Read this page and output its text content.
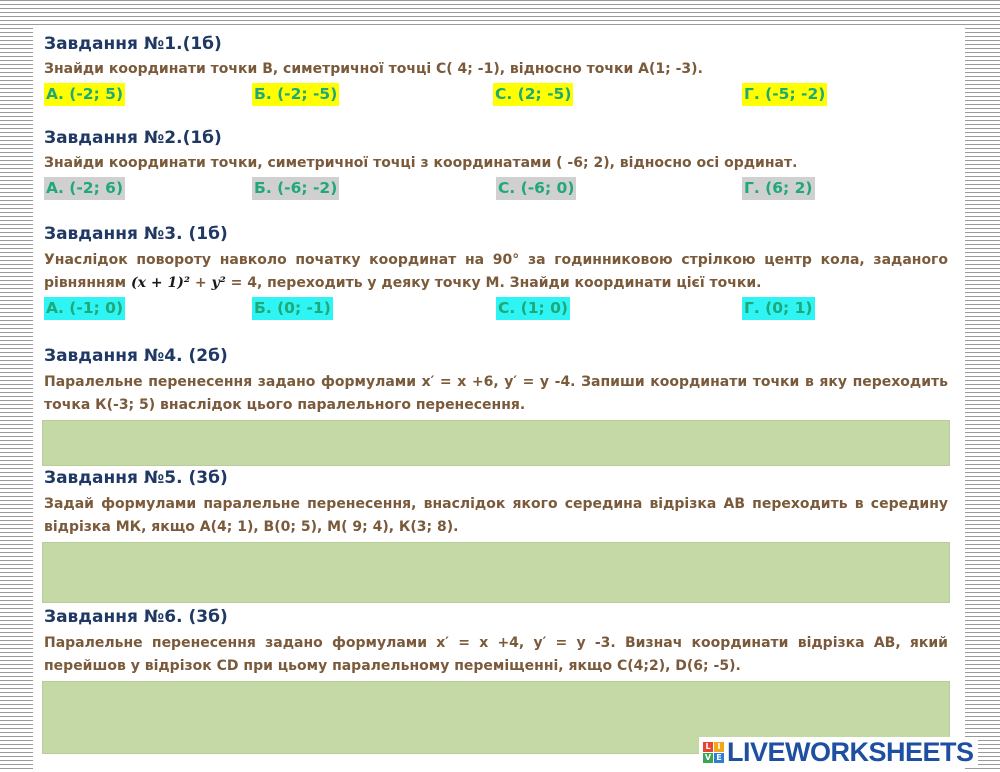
Завдання №1.(1б)
Знайди координати точки В, симетричної точці С( 4; -1), відносно точки А(1; -3).
А. (-2; 5)	Б. (-2; -5)	С. (2; -5)	Г. (-5; -2)
Завдання №2.(1б)
Знайди координати точки, симетричної точці з координатами ( -6; 2), відносно осі ординат.
А. (-2; 6)	Б. (-6; -2)	С. (-6; 0)	Г. (6; 2)
Завдання №3. (1б)
Унаслідок повороту навколо початку координат на 90° за годинниковою стрілкою центр кола, заданого рівнянням (x + 1)² + y² = 4, переходить у деяку точку М. Знайди координати цієї точки.
А. (-1; 0)	Б. (0; -1)	С. (1; 0)	Г. (0; 1)
Завдання №4. (2б)
Паралельне перенесення задано формулами x′ = x +6, y′ = y -4. Запиши координати точки в яку переходить точка К(-3; 5) внаслідок цього паралельного перенесення.
Завдання №5. (3б)
Задай формулами паралельне перенесення, внаслідок якого середина відрізка АВ переходить в середину відрізка МК, якщо А(4; 1), В(0; 5), М( 9; 4), К(3; 8).
Завдання №6. (3б)
Паралельне перенесення задано формулами x′ = x +4, y′ = y -3. Визнач координати відрізка АВ, який перейшов у відрізок СD при цьому паралельному переміщенні, якщо С(4;2), D(6; -5).
L I
V E LIVEWORKSHEETS
